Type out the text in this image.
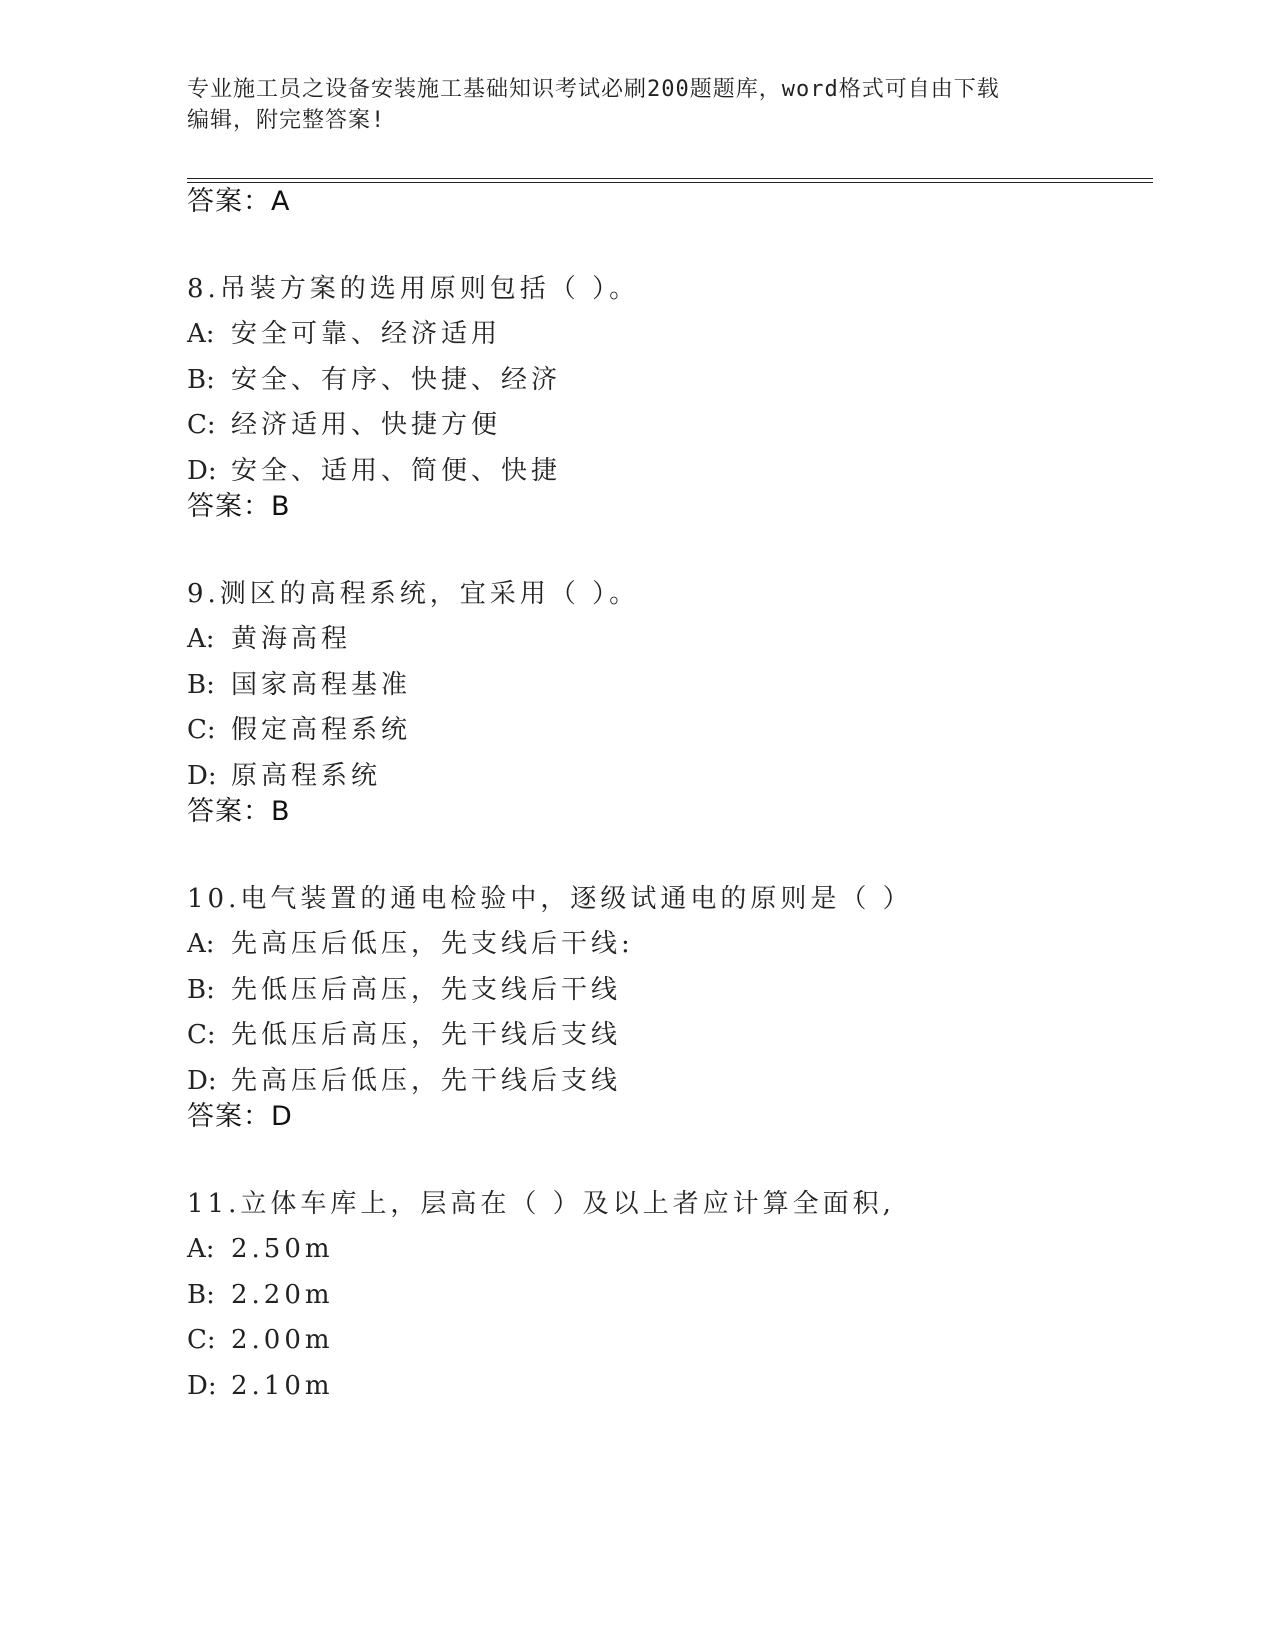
专业施工员之设备安装施工基础知识考试必刷200题题库，word格式可自由下载
编辑，附完整答案!
答案：A
8.吊装方案的选用原则包括（ ）。
A: 安全可靠、经济适用
B: 安全、有序、快捷、经济
C: 经济适用、快捷方便
D: 安全、适用、简便、快捷
答案：B
9.测区的高程系统，宜采用（ ）。
A: 黄海高程
B: 国家高程基准
C: 假定高程系统
D: 原高程系统
答案：B
10.电气装置的通电检验中，逐级试通电的原则是（ ）
A: 先高压后低压，先支线后干线:
B: 先低压后高压，先支线后干线
C: 先低压后高压，先干线后支线
D: 先高压后低压，先干线后支线
答案：D
11.立体车库上，层高在（ ）及以上者应计算全面积,
A: 2.50m
B: 2.20m
C: 2.00m
D: 2.10m
